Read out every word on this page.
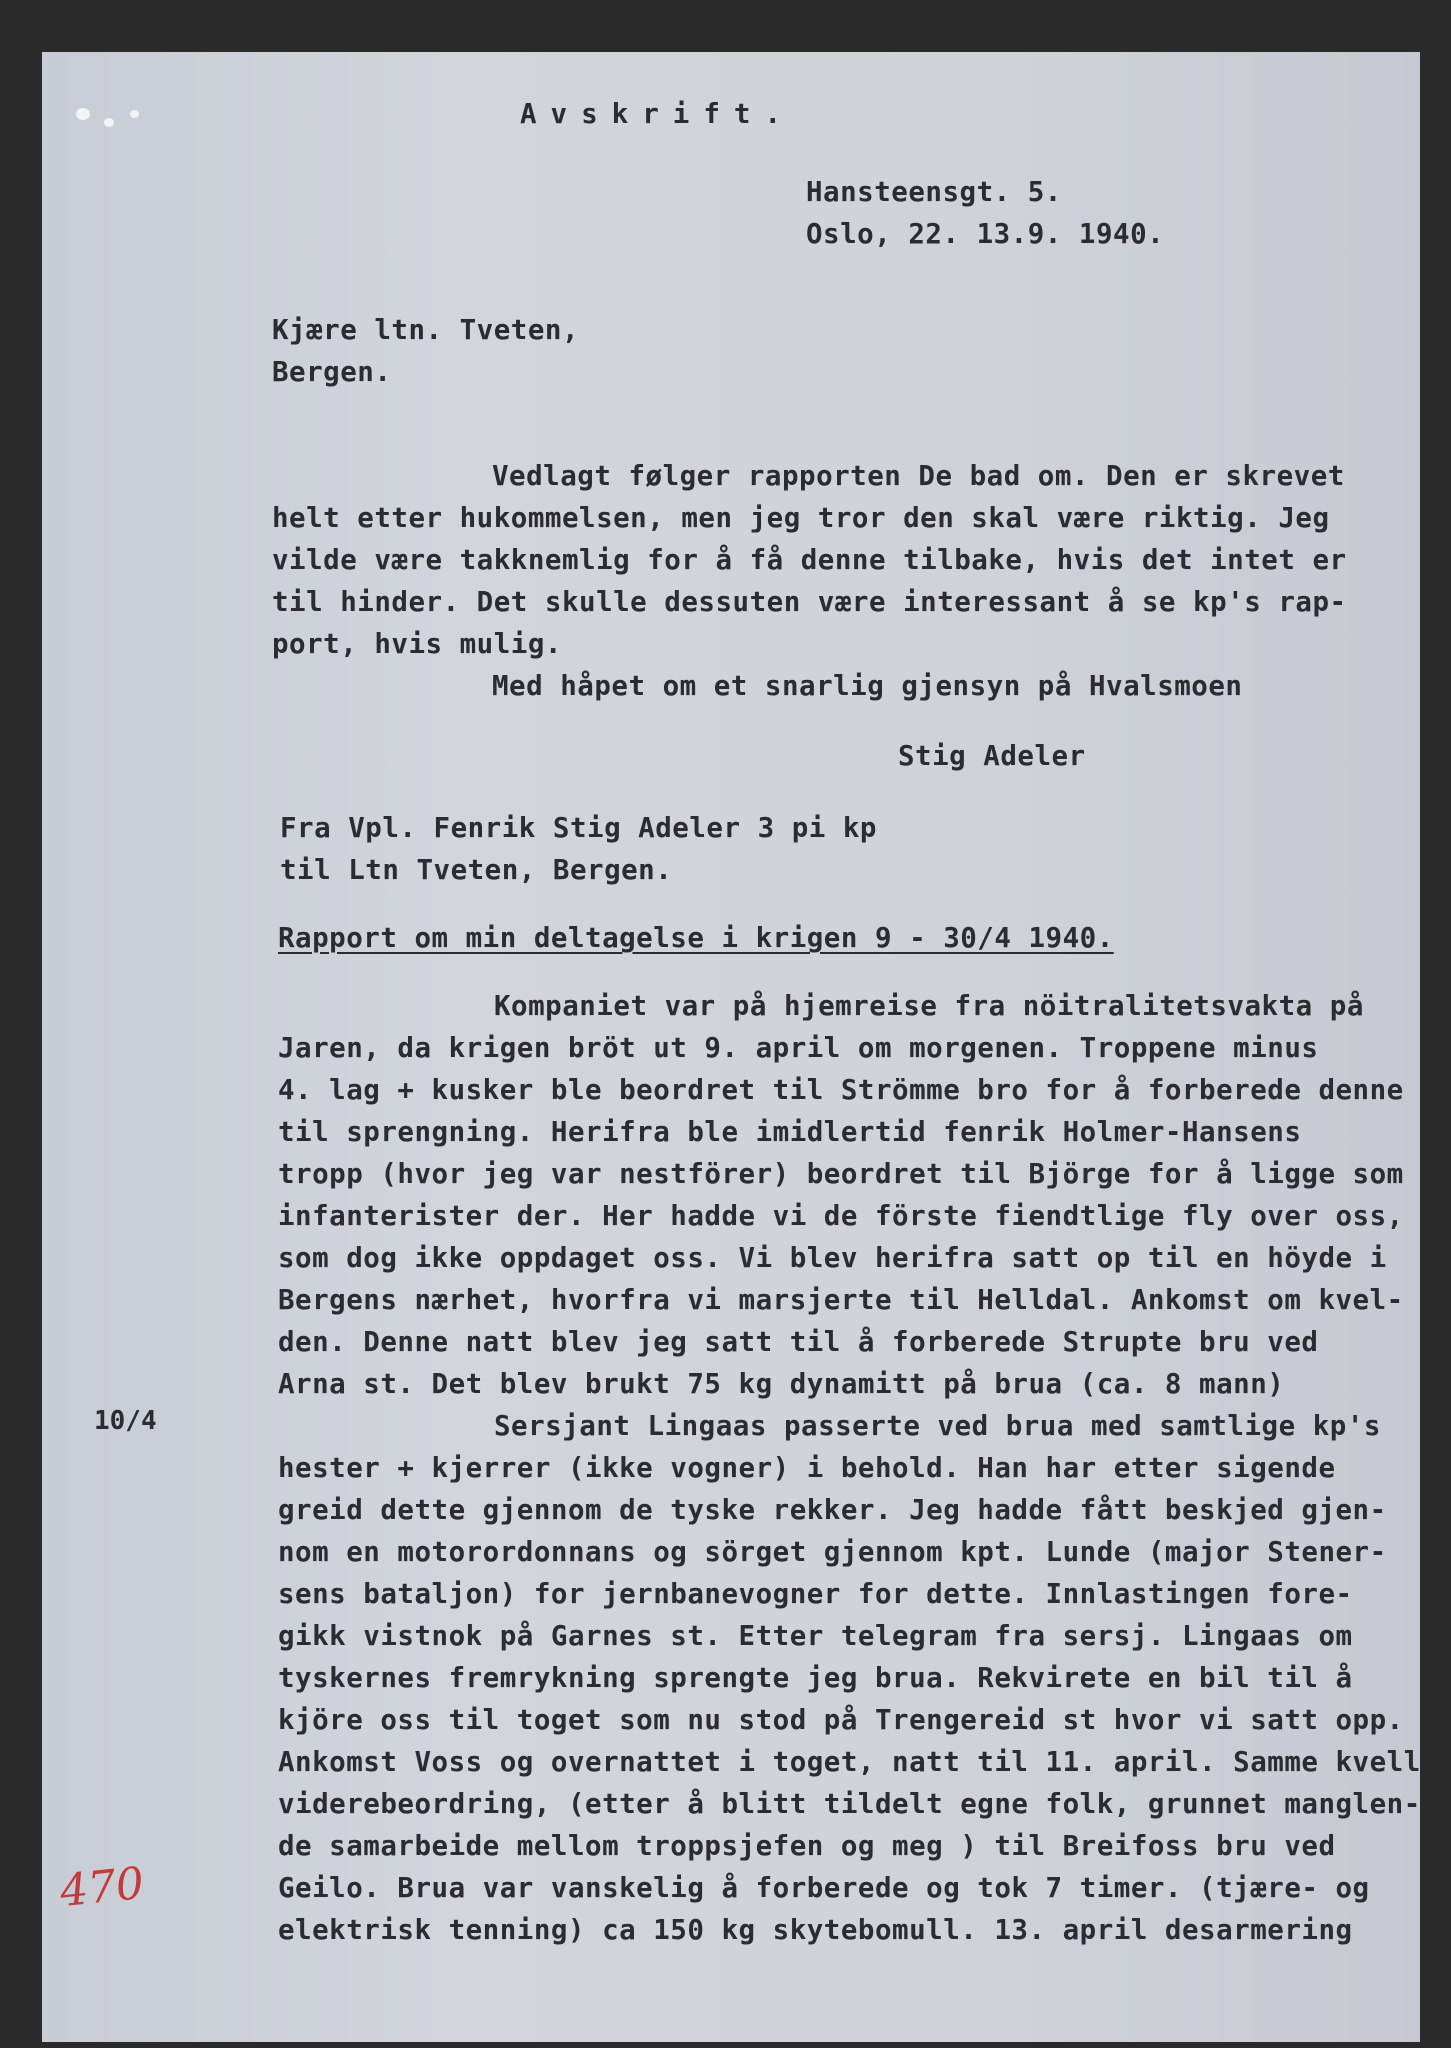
Avskrift.
Hansteensgt. 5.
Oslo, 22. 13.9. 1940.
Kjære ltn. Tveten,
Bergen.
Vedlagt følger rapporten De bad om. Den er skrevet
helt etter hukommelsen, men jeg tror den skal være riktig. Jeg
vilde være takknemlig for å få denne tilbake, hvis det intet er
til hinder. Det skulle dessuten være interessant å se kp's rap-
port, hvis mulig.
Med håpet om et snarlig gjensyn på Hvalsmoen
Stig Adeler
Fra Vpl. Fenrik Stig Adeler 3 pi kp
til Ltn Tveten, Bergen.
Rapport om min deltagelse i krigen 9 - 30/4 1940.
Kompaniet var på hjemreise fra nöitralitetsvakta på
Jaren, da krigen bröt ut 9. april om morgenen. Troppene minus
4. lag + kusker ble beordret til Strömme bro for å forberede denne
til sprengning. Herifra ble imidlertid fenrik Holmer-Hansens
tropp (hvor jeg var nestförer) beordret til Björge for å ligge som
infanterister der. Her hadde vi de förste fiendtlige fly over oss,
som dog ikke oppdaget oss. Vi blev herifra satt op til en höyde i
Bergens nærhet, hvorfra vi marsjerte til Helldal. Ankomst om kvel-
den. Denne natt blev jeg satt til å forberede Strupte bru ved
Arna st. Det blev brukt 75 kg dynamitt på brua (ca. 8 mann)
Sersjant Lingaas passerte ved brua med samtlige kp's
hester + kjerrer (ikke vogner) i behold. Han har etter sigende
greid dette gjennom de tyske rekker. Jeg hadde fått beskjed gjen-
nom en motorordonnans og sörget gjennom kpt. Lunde (major Stener-
sens bataljon) for jernbanevogner for dette. Innlastingen fore-
gikk vistnok på Garnes st. Etter telegram fra sersj. Lingaas om
tyskernes fremrykning sprengte jeg brua. Rekvirete en bil til å
kjöre oss til toget som nu stod på Trengereid st hvor vi satt opp.
Ankomst Voss og overnattet i toget, natt til 11. april. Samme kvell
viderebeordring, (etter å blitt tildelt egne folk, grunnet manglen-
de samarbeide mellom troppsjefen og meg ) til Breifoss bru ved
Geilo. Brua var vanskelig å forberede og tok 7 timer. (tjære- og
elektrisk tenning) ca 150 kg skytebomull. 13. april desarmering
10/4
470
